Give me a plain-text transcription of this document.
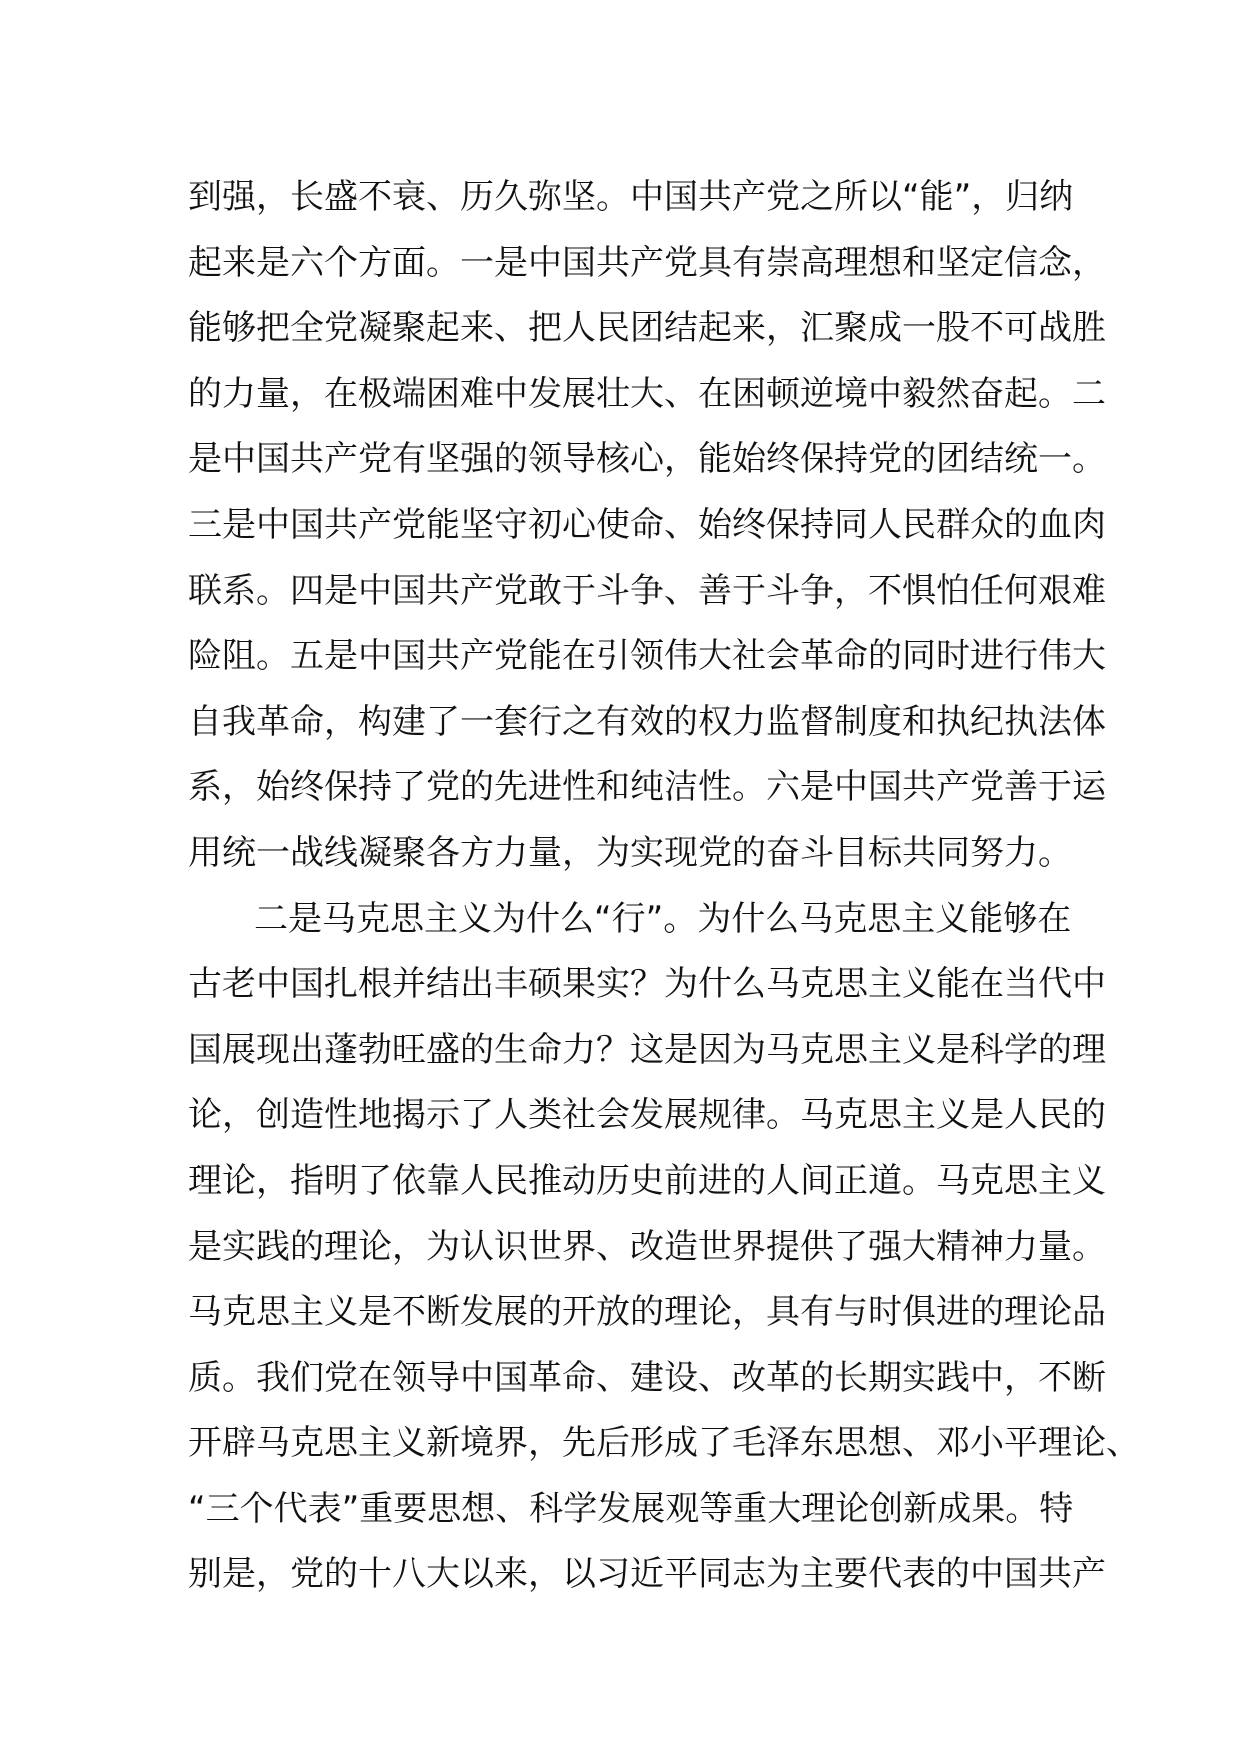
到强，长盛不衰、历久弥坚。中国共产党之所以“能”，归纳
起来是六个方面。一是中国共产党具有崇高理想和坚定信念，
能够把全党凝聚起来、把人民团结起来，汇聚成一股不可战胜
的力量，在极端困难中发展壮大、在困顿逆境中毅然奋起。二
是中国共产党有坚强的领导核心，能始终保持党的团结统一。
三是中国共产党能坚守初心使命、始终保持同人民群众的血肉
联系。四是中国共产党敢于斗争、善于斗争，不惧怕任何艰难
险阻。五是中国共产党能在引领伟大社会革命的同时进行伟大
自我革命，构建了一套行之有效的权力监督制度和执纪执法体
系，始终保持了党的先进性和纯洁性。六是中国共产党善于运
用统一战线凝聚各方力量，为实现党的奋斗目标共同努力。
二是马克思主义为什么“行”。为什么马克思主义能够在
古老中国扎根并结出丰硕果实？为什么马克思主义能在当代中
国展现出蓬勃旺盛的生命力？这是因为马克思主义是科学的理
论，创造性地揭示了人类社会发展规律。马克思主义是人民的
理论，指明了依靠人民推动历史前进的人间正道。马克思主义
是实践的理论，为认识世界、改造世界提供了强大精神力量。
马克思主义是不断发展的开放的理论，具有与时俱进的理论品
质。我们党在领导中国革命、建设、改革的长期实践中，不断
开辟马克思主义新境界，先后形成了毛泽东思想、邓小平理论、
“三个代表”重要思想、科学发展观等重大理论创新成果。特
别是，党的十八大以来，以习近平同志为主要代表的中国共产
